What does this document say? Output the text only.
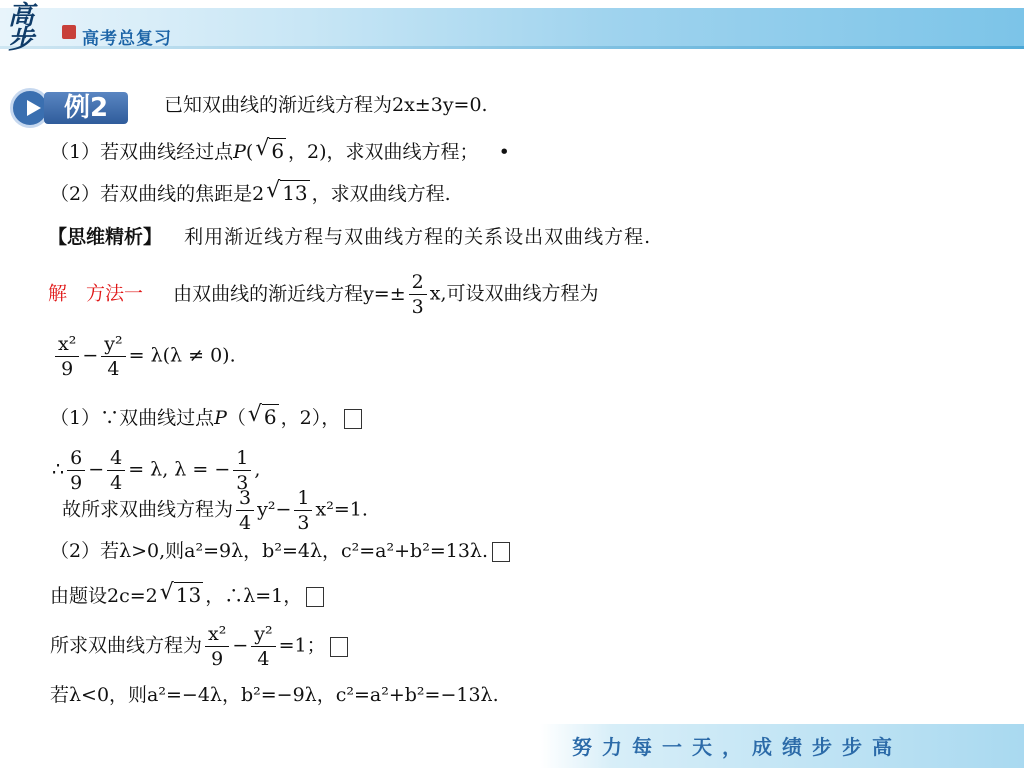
高
步	高考总复习
例2	已知双曲线的渐近线方程为2x±3y=0.
（1）若双曲线经过点P( √ 6 ，2)，求双曲线方程； •
（2）若双曲线的焦距是2 √ 13 ，求双曲线方程.
【思维精析】 利用渐近线方程与双曲线方程的关系设出双曲线方程.
解　方法一 由双曲线的渐近线方程$y=\pm \frac{2}{3} x$,可设双曲线方程为
$\frac{\text{x²}}{9} - \frac{\text{y²}}{4} = \lambda(\lambda \ne 0)$.
（1）∵双曲线过点P（ √ 6 ，2），
∴ $\frac{6}{9} - \frac{4}{4} = \lambda$, λ = − $\frac{1}{3}$ ,
故所求双曲线方程为 $\frac{3}{4} y^2- \frac{1}{3} x^2=1$.
（2）若λ>0,则a²=9λ，b²=4λ，c²=a²+b²=13λ.
由题设2c=2 √ 13 ，∴λ=1，
所求双曲线方程为 $\frac{\text{x²}}{9} - \frac{\text{y²}}{4} =1$；
若λ<0，则a²=−4λ，b²=−9λ，c²=a²+b²=−13λ.
努力每一天，成绩步步高
